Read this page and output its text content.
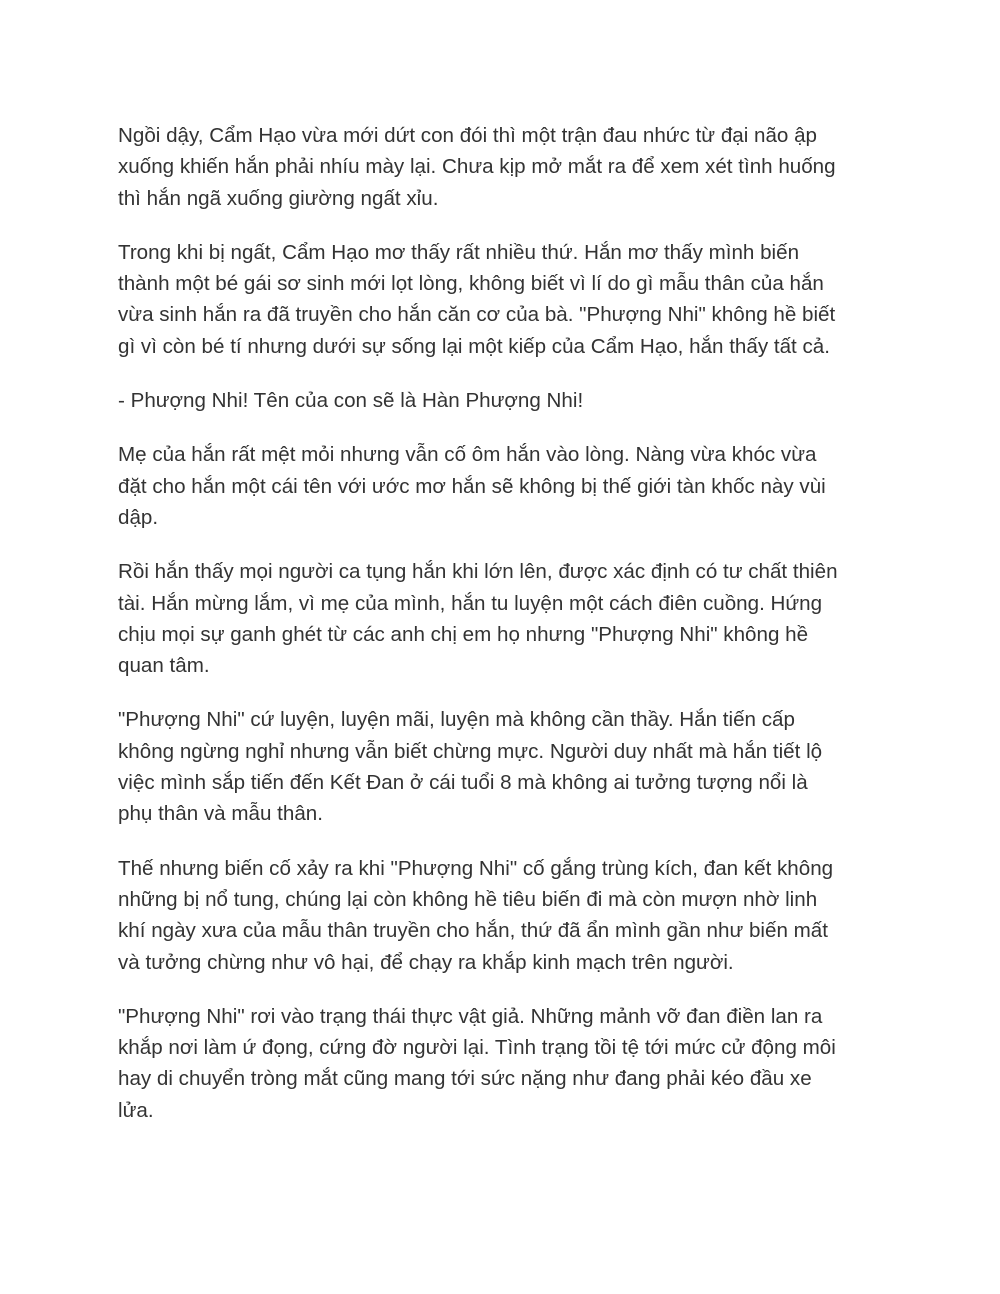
Ngồi dậy, Cẩm Hạo vừa mới dứt con đói thì một trận đau nhức từ đại não ập
xuống khiến hắn phải nhíu mày lại. Chưa kịp mở mắt ra để xem xét tình huống
thì hắn ngã xuống giường ngất xỉu.

Trong khi bị ngất, Cẩm Hạo mơ thấy rất nhiều thứ. Hắn mơ thấy mình biến
thành một bé gái sơ sinh mới lọt lòng, không biết vì lí do gì mẫu thân của hắn
vừa sinh hắn ra đã truyền cho hắn căn cơ của bà. "Phượng Nhi" không hề biết
gì vì còn bé tí nhưng dưới sự sống lại một kiếp của Cẩm Hạo, hắn thấy tất cả.

- Phượng Nhi! Tên của con sẽ là Hàn Phượng Nhi!

Mẹ của hắn rất mệt mỏi nhưng vẫn cố ôm hắn vào lòng. Nàng vừa khóc vừa
đặt cho hắn một cái tên với ước mơ hắn sẽ không bị thế giới tàn khốc này vùi
dập.

Rồi hắn thấy mọi người ca tụng hắn khi lớn lên, được xác định có tư chất thiên
tài. Hắn mừng lắm, vì mẹ của mình, hắn tu luyện một cách điên cuồng. Hứng
chịu mọi sự ganh ghét từ các anh chị em họ nhưng "Phượng Nhi" không hề
quan tâm.

"Phượng Nhi" cứ luyện, luyện mãi, luyện mà không cần thầy. Hắn tiến cấp
không ngừng nghỉ nhưng vẫn biết chừng mực. Người duy nhất mà hắn tiết lộ
việc mình sắp tiến đến Kết Đan ở cái tuổi 8 mà không ai tưởng tượng nổi là
phụ thân và mẫu thân.

Thế nhưng biến cố xảy ra khi "Phượng Nhi" cố gắng trùng kích, đan kết không
những bị nổ tung, chúng lại còn không hề tiêu biến đi mà còn mượn nhờ linh
khí ngày xưa của mẫu thân truyền cho hắn, thứ đã ẩn mình gần như biến mất
và tưởng chừng như vô hại, để chạy ra khắp kinh mạch trên người.

"Phượng Nhi" rơi vào trạng thái thực vật giả. Những mảnh vỡ đan điền lan ra
khắp nơi làm ứ đọng, cứng đờ người lại. Tình trạng tồi tệ tới mức cử động môi
hay di chuyển tròng mắt cũng mang tới sức nặng như đang phải kéo đầu xe
lửa.
